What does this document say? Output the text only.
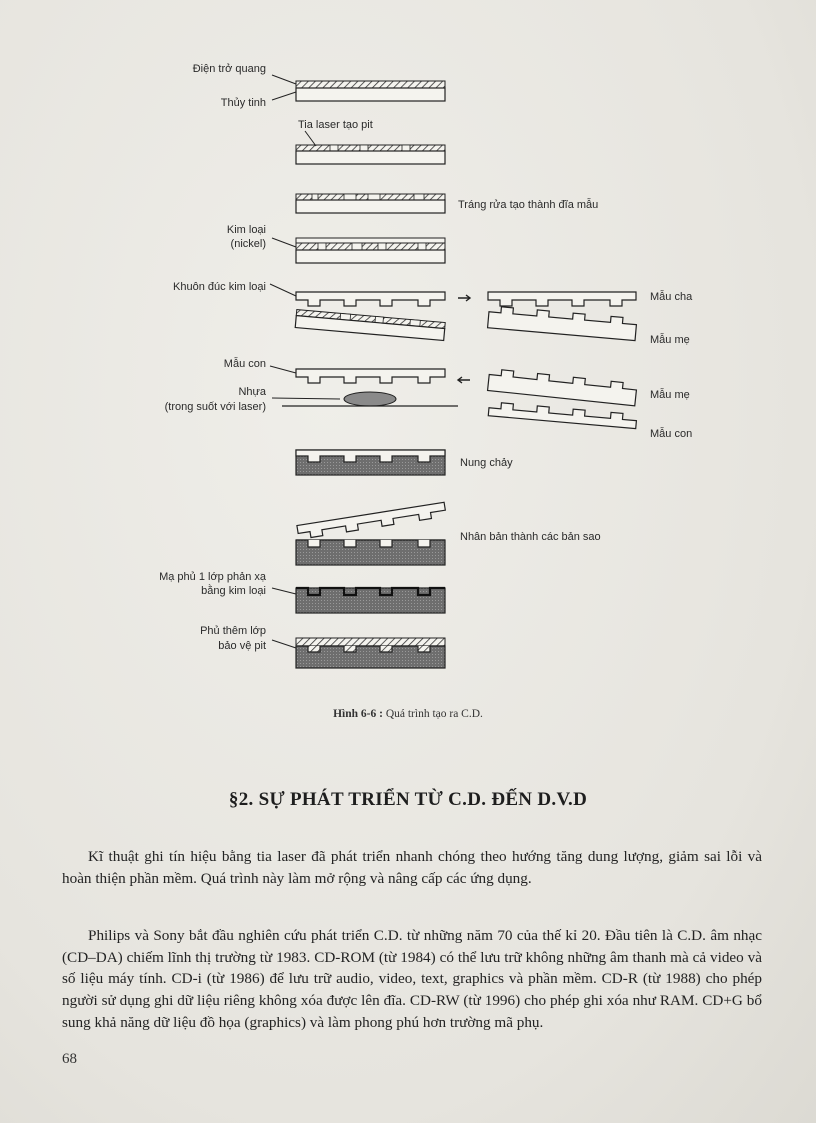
Điện trở quang
Thủy tinh
Tia laser tạo pit
Tráng rửa tạo thành đĩa mẫu
Kim loại
(nickel)
Khuôn đúc kim loại
Mẫu cha
Mẫu mẹ
Mẫu con
Nhựa
(trong suốt với laser)
Mẫu mẹ
Mẫu con
Nung chảy
Nhân bản thành các bản sao
Mạ phủ 1 lớp phản xạ
bằng kim loại
Phủ thêm lớp
bảo vệ pit
Hình 6-6 : Quá trình tạo ra C.D.
§2. SỰ PHÁT TRIỂN TỪ C.D. ĐẾN D.V.D

Kĩ thuật ghi tín hiệu bằng tia laser đã phát triển nhanh chóng theo hướng tăng dung lượng, giảm sai lỗi và hoàn thiện phần mềm. Quá trình này làm mở rộng và nâng cấp các ứng dụng.

Philips và Sony bắt đầu nghiên cứu phát triển C.D. từ những năm 70 của thế kỉ 20. Đầu tiên là C.D. âm nhạc (CD–DA) chiếm lĩnh thị trường từ 1983. CD-ROM (từ 1984) có thể lưu trữ không những âm thanh mà cả video và số liệu máy tính. CD-i (từ 1986) để lưu trữ audio, video, text, graphics và phần mềm. CD-R (từ 1988) cho phép người sử dụng ghi dữ liệu riêng không xóa được lên đĩa. CD-RW (từ 1996) cho phép ghi xóa như RAM. CD+G bổ sung khả năng dữ liệu đồ họa (graphics) và làm phong phú hơn trường mã phụ.

68
